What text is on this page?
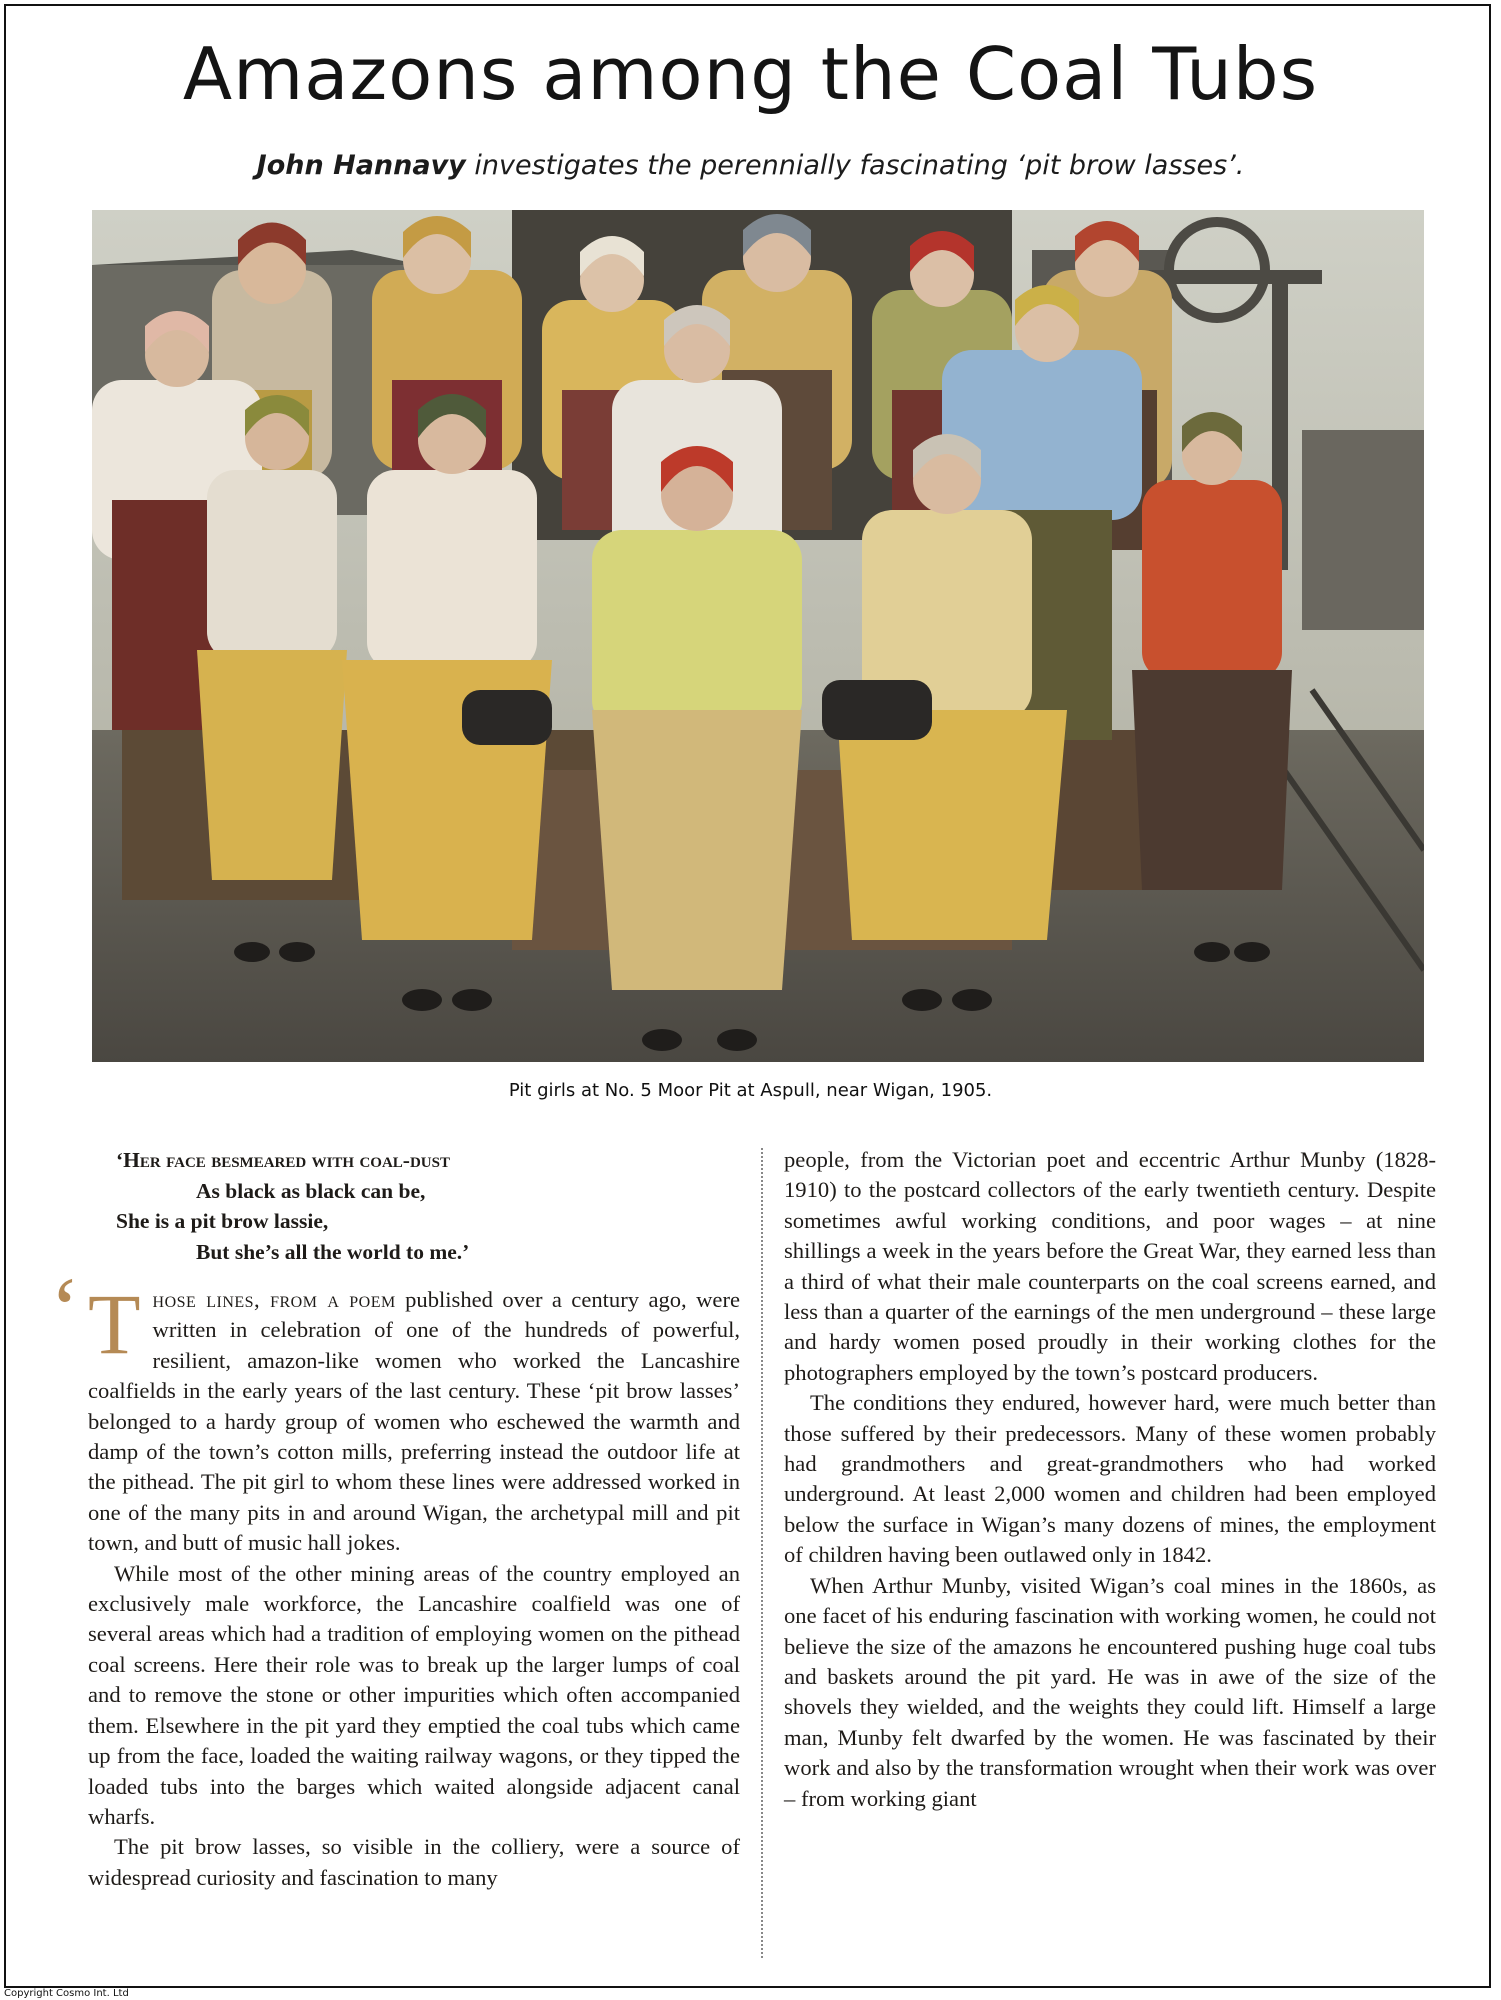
Amazons among the Coal Tubs
John Hannavy investigates the perennially fascinating ‘pit brow lasses’.
Pit girls at No. 5 Moor Pit at Aspull, near Wigan, 1905.
‘Her face besmeared with coal-dust
As black as black can be,
She is a pit brow lassie,
But she’s all the world to me.’

Those lines, from a poem published over a century ago, were written in celebration of one of the hundreds of powerful, resilient, amazon-like women who worked the Lancashire coalfields in the early years of the last century. These ‘pit brow lasses’ belonged to a hardy group of women who eschewed the warmth and damp of the town’s cotton mills, preferring instead the outdoor life at the pithead. The pit girl to whom these lines were addressed worked in one of the many pits in and around Wigan, the archetypal mill and pit town, and butt of music hall jokes.

While most of the other mining areas of the country employed an exclusively male workforce, the Lancashire coalfield was one of several areas which had a tradition of employing women on the pithead coal screens. Here their role was to break up the larger lumps of coal and to remove the stone or other impurities which often accompanied them. Elsewhere in the pit yard they emptied the coal tubs which came up from the face, loaded the waiting railway wagons, or they tipped the loaded tubs into the barges which waited alongside adjacent canal wharfs.

The pit brow lasses, so visible in the colliery, were a source of widespread curiosity and fascination to many

‘

people, from the Victorian poet and eccentric Arthur Munby (1828-1910) to the postcard collectors of the early twentieth century. Despite sometimes awful working conditions, and poor wages – at nine shillings a week in the years before the Great War, they earned less than a third of what their male counterparts on the coal screens earned, and less than a quarter of the earnings of the men underground – these large and hardy women posed proudly in their working clothes for the photographers employed by the town’s postcard producers.

The conditions they endured, however hard, were much better than those suffered by their predecessors. Many of these women probably had grandmothers and great-grandmothers who had worked underground. At least 2,000 women and children had been employed below the surface in Wigan’s many dozens of mines, the employment of children having been outlawed only in 1842.

When Arthur Munby, visited Wigan’s coal mines in the 1860s, as one facet of his enduring fascination with working women, he could not believe the size of the amazons he encountered pushing huge coal tubs and baskets around the pit yard. He was in awe of the size of the shovels they wielded, and the weights they could lift. Himself a large man, Munby felt dwarfed by the women. He was fascinated by their work and also by the transformation wrought when their work was over – from working giant

Copyright Cosmo Int. Ltd
